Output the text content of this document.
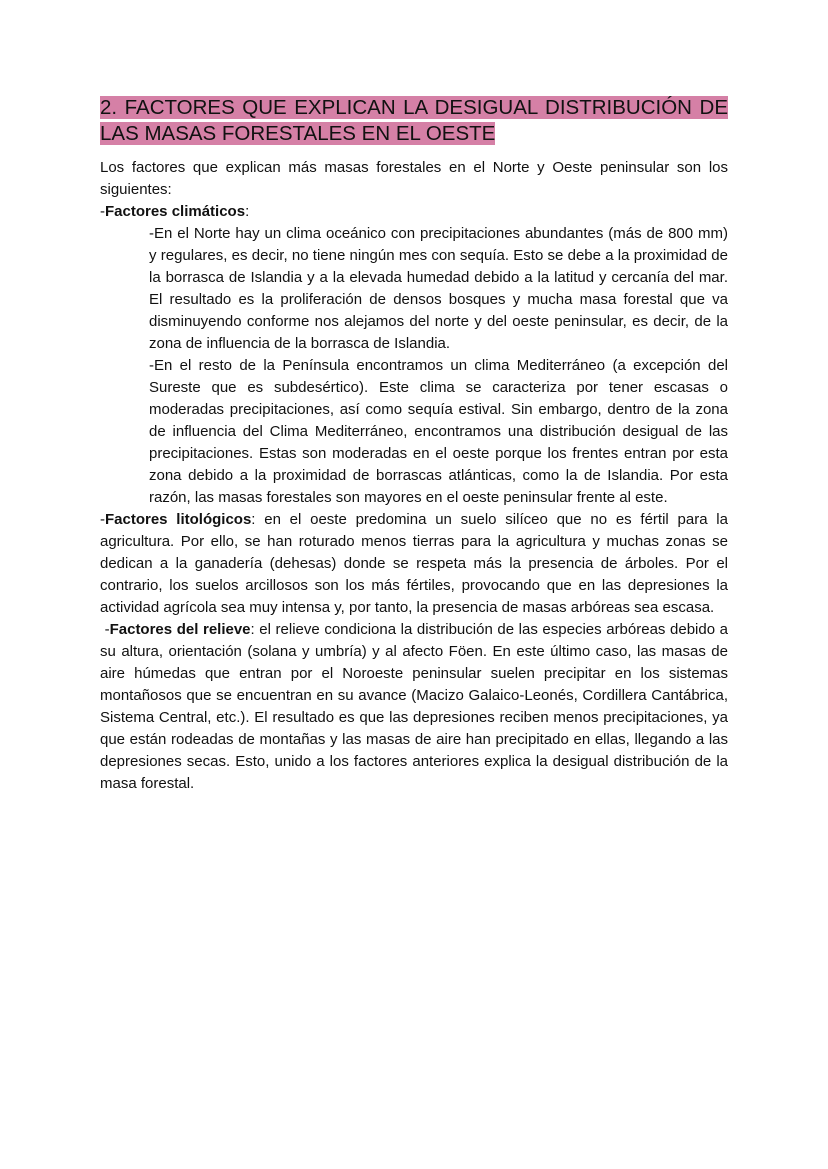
2. FACTORES QUE EXPLICAN LA DESIGUAL DISTRIBUCIÓN DE LAS MASAS FORESTALES EN EL OESTE

Los factores que explican más masas forestales en el Norte y Oeste peninsular son los siguientes:

-Factores climáticos:

-En el Norte hay un clima oceánico con precipitaciones abundantes (más de 800 mm) y regulares, es decir, no tiene ningún mes con sequía. Esto se debe a la proximidad de la borrasca de Islandia y a la elevada humedad debido a la latitud y cercanía del mar. El resultado es la proliferación de densos bosques y mucha masa forestal que va disminuyendo conforme nos alejamos del norte y del oeste peninsular, es decir, de la zona de influencia de la borrasca de Islandia.

-En el resto de la Península encontramos un clima Mediterráneo (a excepción del Sureste que es subdesértico). Este clima se caracteriza por tener escasas o moderadas precipitaciones, así como sequía estival. Sin embargo, dentro de la zona de influencia del Clima Mediterráneo, encontramos una distribución desigual de las precipitaciones. Estas son moderadas en el oeste porque los frentes entran por esta zona debido a la proximidad de borrascas atlánticas, como la de Islandia. Por esta razón, las masas forestales son mayores en el oeste peninsular frente al este.

-Factores litológicos: en el oeste predomina un suelo silíceo que no es fértil para la agricultura. Por ello, se han roturado menos tierras para la agricultura y muchas zonas se dedican a la ganadería (dehesas) donde se respeta más la presencia de árboles. Por el contrario, los suelos arcillosos son los más fértiles, provocando que en las depresiones la actividad agrícola sea muy intensa y, por tanto, la presencia de masas arbóreas sea escasa.

-Factores del relieve: el relieve condiciona la distribución de las especies arbóreas debido a su altura, orientación (solana y umbría) y al afecto Föen. En este último caso, las masas de aire húmedas que entran por el Noroeste peninsular suelen precipitar en los sistemas montañosos que se encuentran en su avance (Macizo Galaico-Leonés, Cordillera Cantábrica, Sistema Central, etc.). El resultado es que las depresiones reciben menos precipitaciones, ya que están rodeadas de montañas y las masas de aire han precipitado en ellas, llegando a las depresiones secas. Esto, unido a los factores anteriores explica la desigual distribución de la masa forestal.
